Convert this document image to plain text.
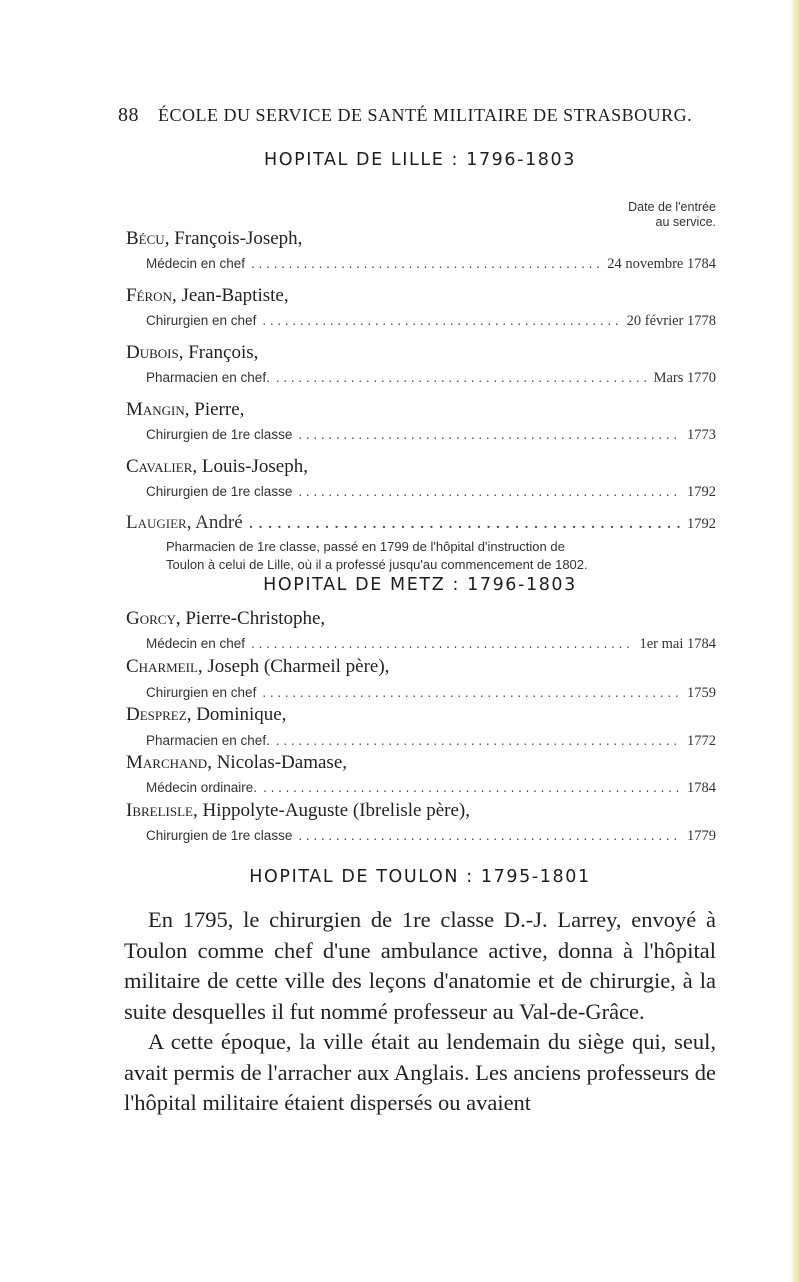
88 ÉCOLE DU SERVICE DE SANTÉ MILITAIRE DE STRASBOURG.
HOPITAL DE LILLE : 1796-1803
Date de l'entrée
au service.
Bécu, François-Joseph,
Médecin en chef . . .	24 novembre 1784
Féron, Jean-Baptiste,
Chirurgien en chef . . .	20 février 1778
Dubois, François,
Pharmacien en chef. . . .	Mars 1770
Mangin, Pierre,
Chirurgien de 1re classe . . .	1773
Cavalier, Louis-Joseph,
Chirurgien de 1re classe . . .	1792
Laugier, André . . .	1792
Pharmacien de 1re classe, passé en 1799 de l'hôpital d'instruction de Toulon à celui de Lille, où il a professé jusqu'au commencement de 1802.
HOPITAL DE METZ : 1796-1803
Gorcy, Pierre-Christophe,
Médecin en chef . . .	1er mai 1784
Charmeil, Joseph (Charmeil père),
Chirurgien en chef . . .	1759
Desprez, Dominique,
Pharmacien en chef. . . .	1772
Marchand, Nicolas-Damase,
Médecin ordinaire. . . .	1784
Ibrelisle, Hippolyte-Auguste (Ibrelisle père),
Chirurgien de 1re classe . . .	1779
HOPITAL DE TOULON : 1795-1801

En 1795, le chirurgien de 1re classe D.-J. Larrey, envoyé à Toulon comme chef d'une ambulance active, donna à l'hôpital militaire de cette ville des leçons d'anatomie et de chirurgie, à la suite desquelles il fut nommé professeur au Val-de-Grâce.

A cette époque, la ville était au lendemain du siège qui, seul, avait permis de l'arracher aux Anglais. Les anciens professeurs de l'hôpital militaire étaient dispersés ou avaient
